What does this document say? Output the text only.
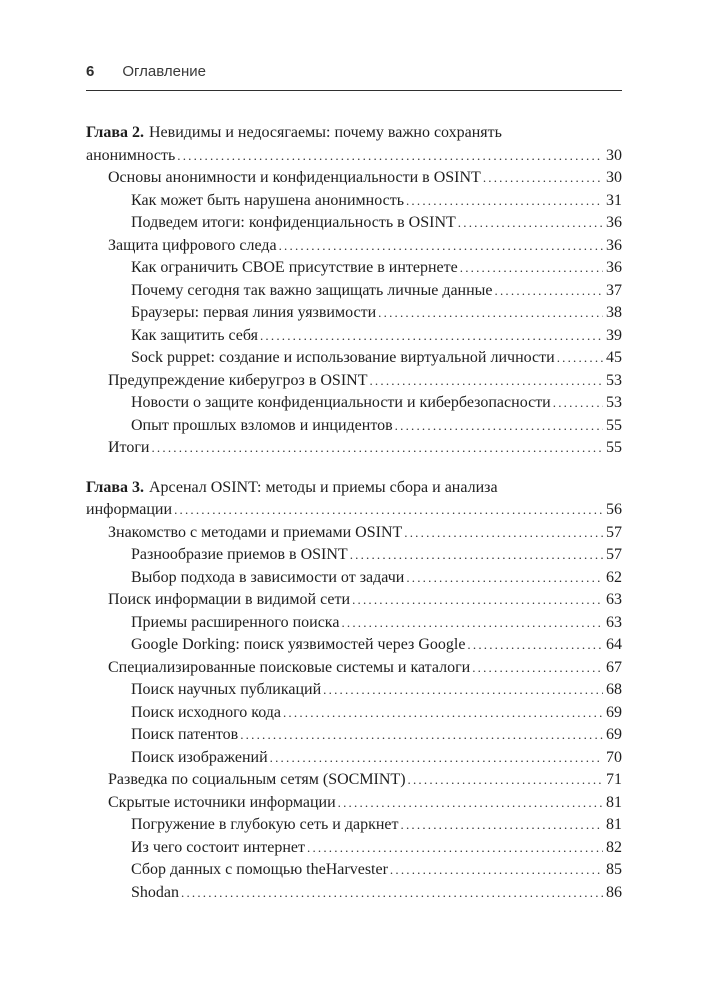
6 Оглавление
Глава 2. Невидимы и недосягаемы: почему важно сохранять
анонимность .....	30
Основы анонимности и конфиденциальности в OSINT .....	30
Как может быть нарушена анонимность .....	31
Подведем итоги: конфиденциальность в OSINT .....	36
Защита цифрового следа .....	36
Как ограничить СВОЕ присутствие в интернете .....	36
Почему сегодня так важно защищать личные данные .....	37
Браузеры: первая линия уязвимости .....	38
Как защитить себя .....	39
Sock puppet: создание и использование виртуальной личности .....	45
Предупреждение киберугроз в OSINT .....	53
Новости о защите конфиденциальности и кибербезопасности .....	53
Опыт прошлых взломов и инцидентов .....	55
Итоги .....	55
Глава 3. Арсенал OSINT: методы и приемы сбора и анализа
информации .....	56
Знакомство с методами и приемами OSINT .....	57
Разнообразие приемов в OSINT .....	57
Выбор подхода в зависимости от задачи .....	62
Поиск информации в видимой сети .....	63
Приемы расширенного поиска .....	63
Google Dorking: поиск уязвимостей через Google .....	64
Специализированные поисковые системы и каталоги .....	67
Поиск научных публикаций .....	68
Поиск исходного кода .....	69
Поиск патентов .....	69
Поиск изображений .....	70
Разведка по социальным сетям (SOCMINT) .....	71
Скрытые источники информации .....	81
Погружение в глубокую сеть и даркнет .....	81
Из чего состоит интернет .....	82
Сбор данных с помощью theHarvester .....	85
Shodan .....	86
